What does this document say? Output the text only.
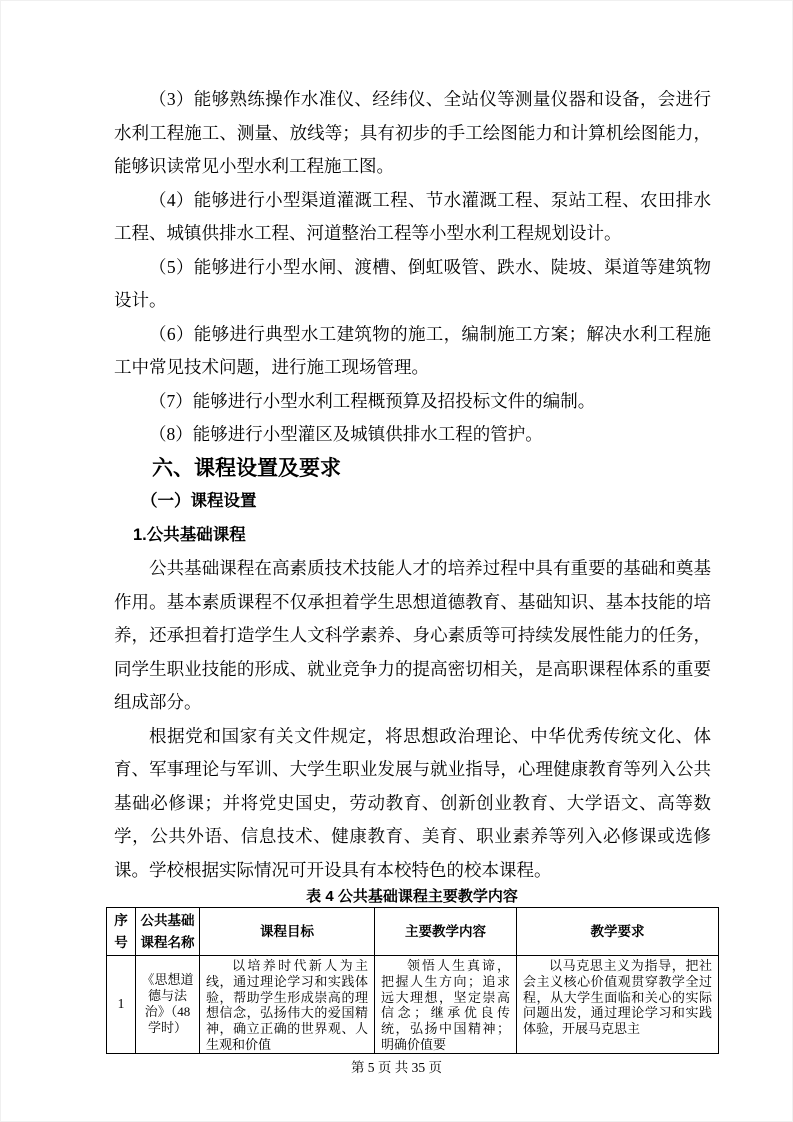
（3）能够熟练操作水准仪、经纬仪、全站仪等测量仪器和设备，会进行水利工程施工、测量、放线等；具有初步的手工绘图能力和计算机绘图能力，能够识读常见小型水利工程施工图。

（4）能够进行小型渠道灌溉工程、节水灌溉工程、泵站工程、农田排水工程、城镇供排水工程、河道整治工程等小型水利工程规划设计。

（5）能够进行小型水闸、渡槽、倒虹吸管、跌水、陡坡、渠道等建筑物设计。

（6）能够进行典型水工建筑物的施工，编制施工方案；解决水利工程施工中常见技术问题，进行施工现场管理。

（7）能够进行小型水利工程概预算及招投标文件的编制。

（8）能够进行小型灌区及城镇供排水工程的管护。

六、课程设置及要求
（一）课程设置
1.公共基础课程

公共基础课程在高素质技术技能人才的培养过程中具有重要的基础和奠基作用。基本素质课程不仅承担着学生思想道德教育、基础知识、基本技能的培养，还承担着打造学生人文科学素养、身心素质等可持续发展性能力的任务，同学生职业技能的形成、就业竞争力的提高密切相关，是高职课程体系的重要组成部分。

根据党和国家有关文件规定，将思想政治理论、中华优秀传统文化、体育、军事理论与军训、大学生职业发展与就业指导，心理健康教育等列入公共基础必修课；并将党史国史，劳动教育、创新创业教育、大学语文、高等数学，公共外语、信息技术、健康教育、美育、职业素养等列入必修课或选修课。学校根据实际情况可开设具有本校特色的校本课程。

表 4 公共基础课程主要教学内容
序号	公共基础课程名称	课程目标	主要教学内容	教学要求
1	《思想道德与法治》（48学时）	以培养时代新人为主线，通过理论学习和实践体验，帮助学生形成崇高的理想信念，弘扬伟大的爱国精神，确立正确的世界观、人生观和价值	领悟人生真谛，把握人生方向；追求远大理想，坚定崇高信念；继承优良传统，弘扬中国精神；明确价值要	以马克思主义为指导，把社会主义核心价值观贯穿教学全过程，从大学生面临和关心的实际问题出发，通过理论学习和实践体验，开展马克思主
第 5 页 共 35 页
